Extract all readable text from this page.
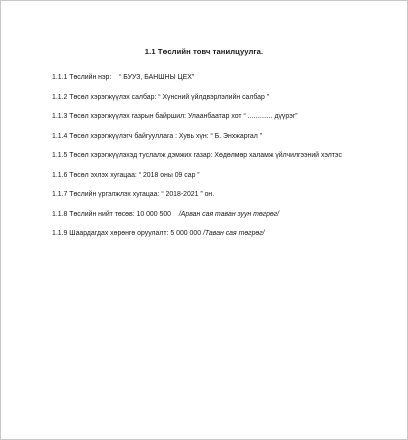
1.1 Төслийн товч танилцуулга.
1.1.1 Төслийн нэр: “ БУУЗ, БАНШНЫ ЦЕХ”
1.1.2 Төсөл хэрэгжүүлэх салбар: “ Хүнсний үйлдвэрлэлийн салбар ”
1.1.3 Төсөл хэрэгжүүлэх газрын байршил: Улаанбаатар хот “ ............. дүүрэг”
1.1.4 Төсөл хэрэгжүүлэгч байгууллага : Хувь хүн: “ Б. Энхжаргал ”
1.1.5 Төсөл хэрэгжүүлэхэд туслалж дэмжих газар: Хөдөлмөр халамж үйлчилгээний хэлтэс
1.1.6 Төсөл эхлэх хугацаа: “ 2018 оны 09 сар ”
1.1.7 Төслийн үргэлжлэх хугацаа: “ 2018-2021 ” он.
1.1.8 Төслийн нийт төсөв: 10 000 500 /Арван сая таван зуун төгрөг/
1.1.9 Шаардагдах хөрөнгө оруулалт: 5 000 000 /Таван сая төгрөг/
